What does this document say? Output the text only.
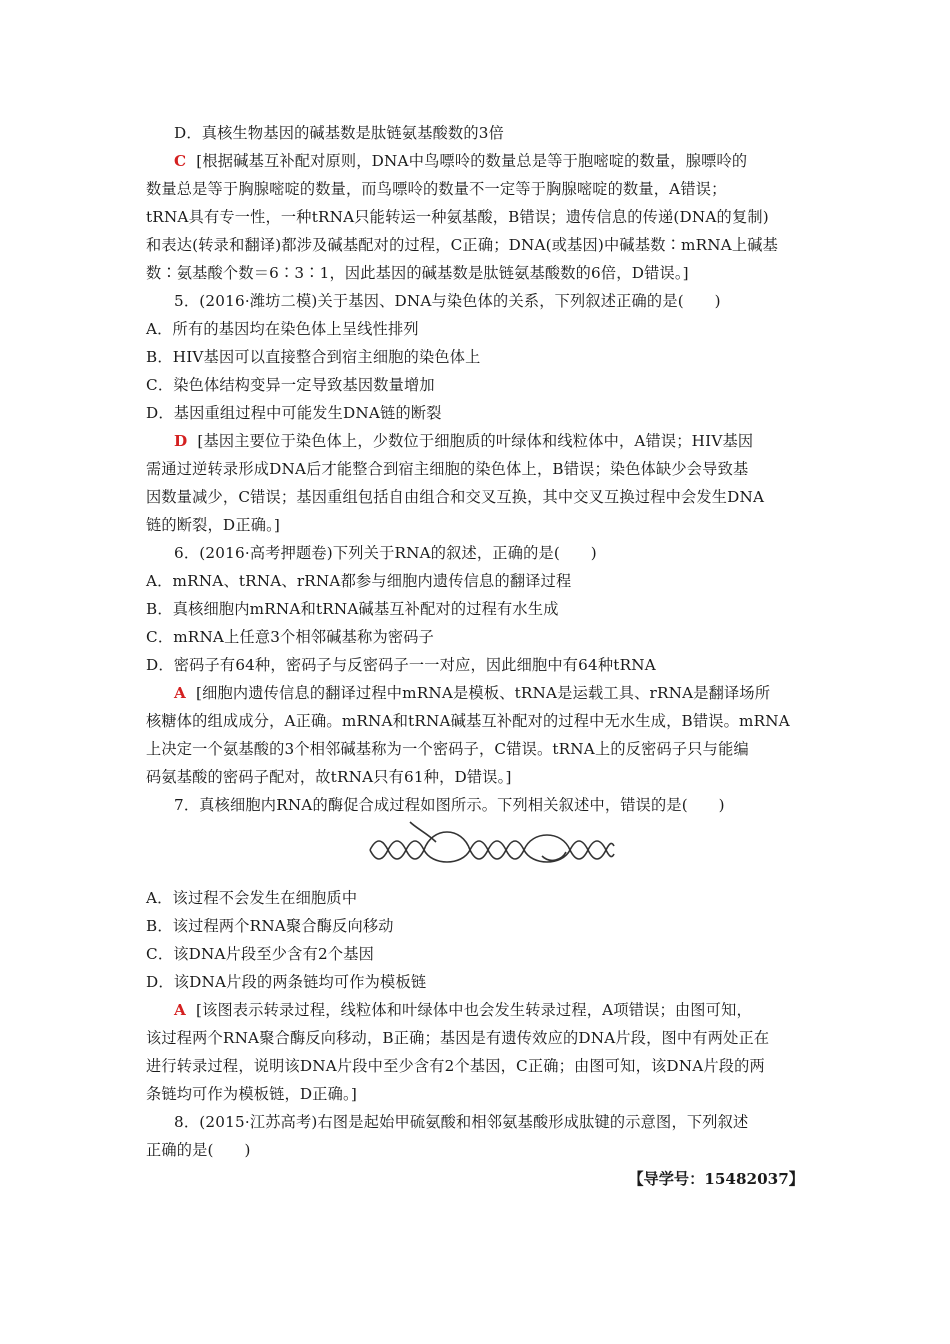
D．真核生物基因的碱基数是肽链氨基酸数的3倍
C [根据碱基互补配对原则，DNA中鸟嘌呤的数量总是等于胞嘧啶的数量，腺嘌呤的
数量总是等于胸腺嘧啶的数量，而鸟嘌呤的数量不一定等于胸腺嘧啶的数量，A错误；
tRNA具有专一性，一种tRNA只能转运一种氨基酸，B错误；遗传信息的传递(DNA的复制)
和表达(转录和翻译)都涉及碱基配对的过程，C正确；DNA(或基因)中碱基数∶mRNA上碱基
数∶氨基酸个数＝6∶3∶1，因此基因的碱基数是肽链氨基酸数的6倍，D错误。]
5．(2016·潍坊二模)关于基因、DNA与染色体的关系，下列叙述正确的是(　　)
A．所有的基因均在染色体上呈线性排列
B．HIV基因可以直接整合到宿主细胞的染色体上
C．染色体结构变异一定导致基因数量增加
D．基因重组过程中可能发生DNA链的断裂
D [基因主要位于染色体上，少数位于细胞质的叶绿体和线粒体中，A错误；HIV基因
需通过逆转录形成DNA后才能整合到宿主细胞的染色体上，B错误；染色体缺少会导致基
因数量减少，C错误；基因重组包括自由组合和交叉互换，其中交叉互换过程中会发生DNA
链的断裂，D正确。]
6．(2016·高考押题卷)下列关于RNA的叙述，正确的是(　　)
A．mRNA、tRNA、rRNA都参与细胞内遗传信息的翻译过程
B．真核细胞内mRNA和tRNA碱基互补配对的过程有水生成
C．mRNA上任意3个相邻碱基称为密码子
D．密码子有64种，密码子与反密码子一一对应，因此细胞中有64种tRNA
A [细胞内遗传信息的翻译过程中mRNA是模板、tRNA是运载工具、rRNA是翻译场所
核糖体的组成成分，A正确。mRNA和tRNA碱基互补配对的过程中无水生成，B错误。mRNA
上决定一个氨基酸的3个相邻碱基称为一个密码子，C错误。tRNA上的反密码子只与能编
码氨基酸的密码子配对，故tRNA只有61种，D错误。]
7．真核细胞内RNA的酶促合成过程如图所示。下列相关叙述中，错误的是(　　)
A．该过程不会发生在细胞质中
B．该过程两个RNA聚合酶反向移动
C．该DNA片段至少含有2个基因
D．该DNA片段的两条链均可作为模板链
A [该图表示转录过程，线粒体和叶绿体中也会发生转录过程，A项错误；由图可知，
该过程两个RNA聚合酶反向移动，B正确；基因是有遗传效应的DNA片段，图中有两处正在
进行转录过程，说明该DNA片段中至少含有2个基因，C正确；由图可知，该DNA片段的两
条链均可作为模板链，D正确。]
8．(2015·江苏高考)右图是起始甲硫氨酸和相邻氨基酸形成肽键的示意图，下列叙述
正确的是(　　)
【导学号：15482037】
